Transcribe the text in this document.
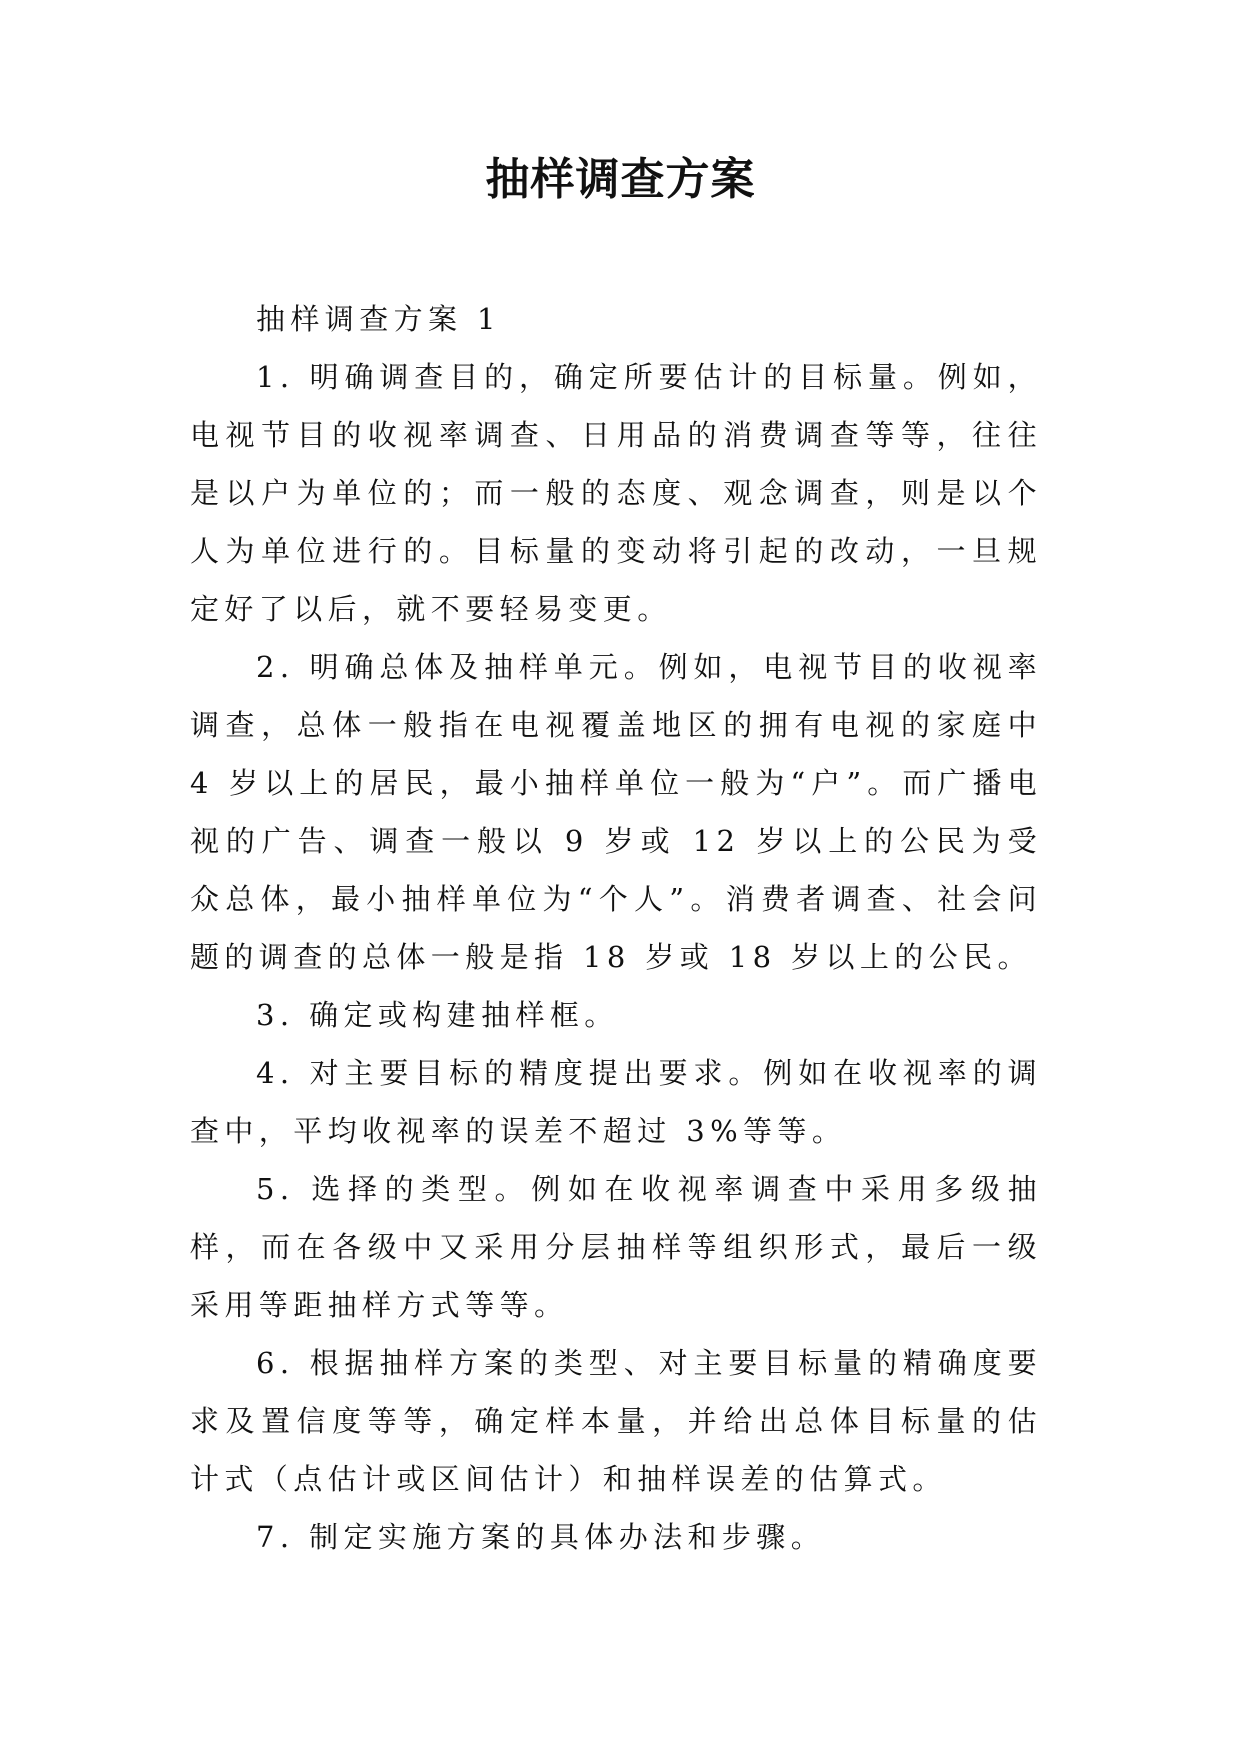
抽样调查方案

抽样调查方案 1

1. 明确调查目的，确定所要估计的目标量。例如，电视节目的收视率调查、日用品的消费调查等等，往往是以户为单位的；而一般的态度、观念调查，则是以个人为单位进行的。目标量的变动将引起的改动，一旦规定好了以后，就不要轻易变更。

2. 明确总体及抽样单元。例如，电视节目的收视率调查，总体一般指在电视覆盖地区的拥有电视的家庭中 4 岁以上的居民，最小抽样单位一般为“户”。而广播电视的广告、调查一般以 9 岁或 12 岁以上的公民为受众总体，最小抽样单位为“个人”。消费者调查、社会问题的调查的总体一般是指 18 岁或 18 岁以上的公民。

3. 确定或构建抽样框。

4. 对主要目标的精度提出要求。例如在收视率的调查中，平均收视率的误差不超过 3%等等。

5. 选择的类型。例如在收视率调查中采用多级抽样，而在各级中又采用分层抽样等组织形式，最后一级采用等距抽样方式等等。

6. 根据抽样方案的类型、对主要目标量的精确度要求及置信度等等，确定样本量，并给出总体目标量的估计式（点估计或区间估计）和抽样误差的估算式。

7. 制定实施方案的具体办法和步骤。
